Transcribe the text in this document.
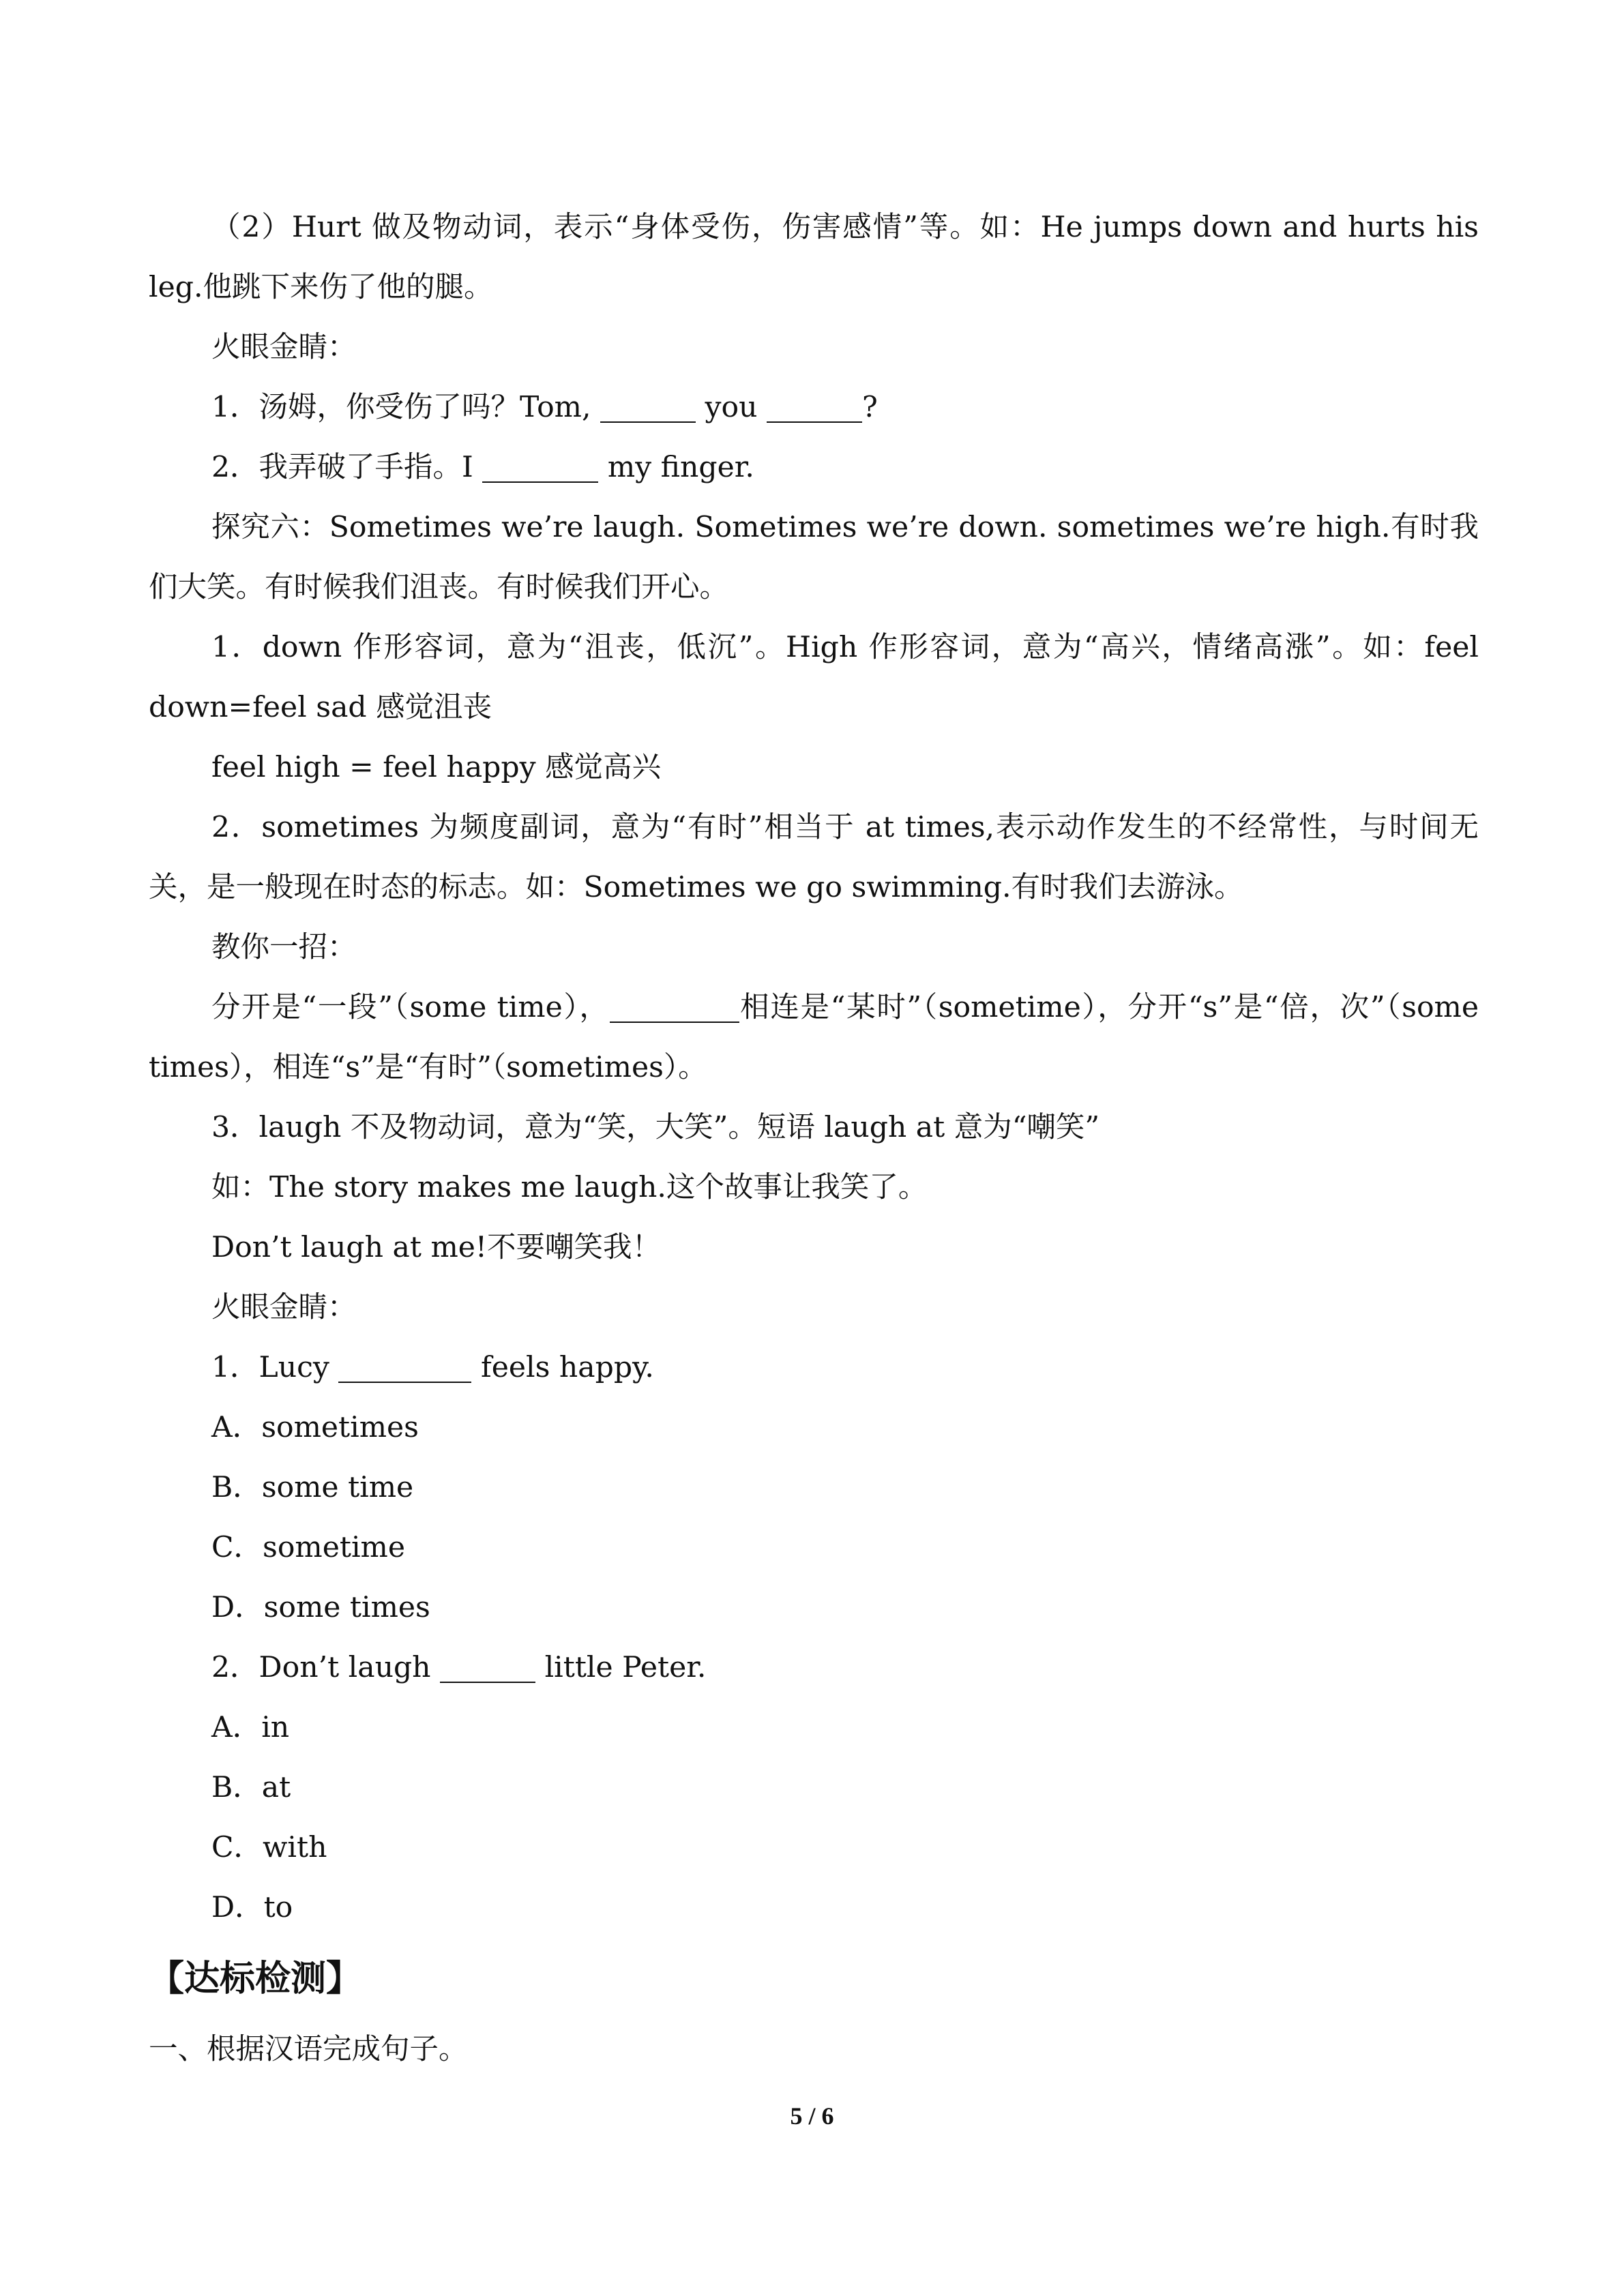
（2）Hurt 做及物动词，表示“身体受伤，伤害感情”等。如：He jumps down and hurts his leg.他跳下来伤了他的腿。

火眼金睛：

1．汤姆，你受伤了吗？Tom,	you	?

2．我弄破了手指。I	my finger.

探究六：Sometimes we’re laugh. Sometimes we’re down. sometimes we’re high.有时我们大笑。有时候我们沮丧。有时候我们开心。

1．down 作形容词，意为“沮丧，低沉”。High 作形容词，意为“高兴，情绪高涨”。如：feel down=feel sad 感觉沮丧

feel high = feel happy 感觉高兴

2．sometimes 为频度副词，意为“有时”相当于 at times,表示动作发生的不经常性，与时间无关，是一般现在时态的标志。如：Sometimes we go swimming.有时我们去游泳。

教你一招：

分开是“一段”（some time），	相连是“某时”（sometime），分开“s”是“倍，次”（some times），相连“s”是“有时”（sometimes）。

3．laugh 不及物动词，意为“笑，大笑”。短语 laugh at 意为“嘲笑”

如：The story makes me laugh.这个故事让我笑了。

Don’t laugh at me!不要嘲笑我！

火眼金睛：

1．Lucy	feels happy.

A．sometimes

B．some time

C．sometime

D．some times

2．Don’t laugh	little Peter.

A．in

B．at

C．with

D．to

【达标检测】

一、根据汉语完成句子。

5 / 6
